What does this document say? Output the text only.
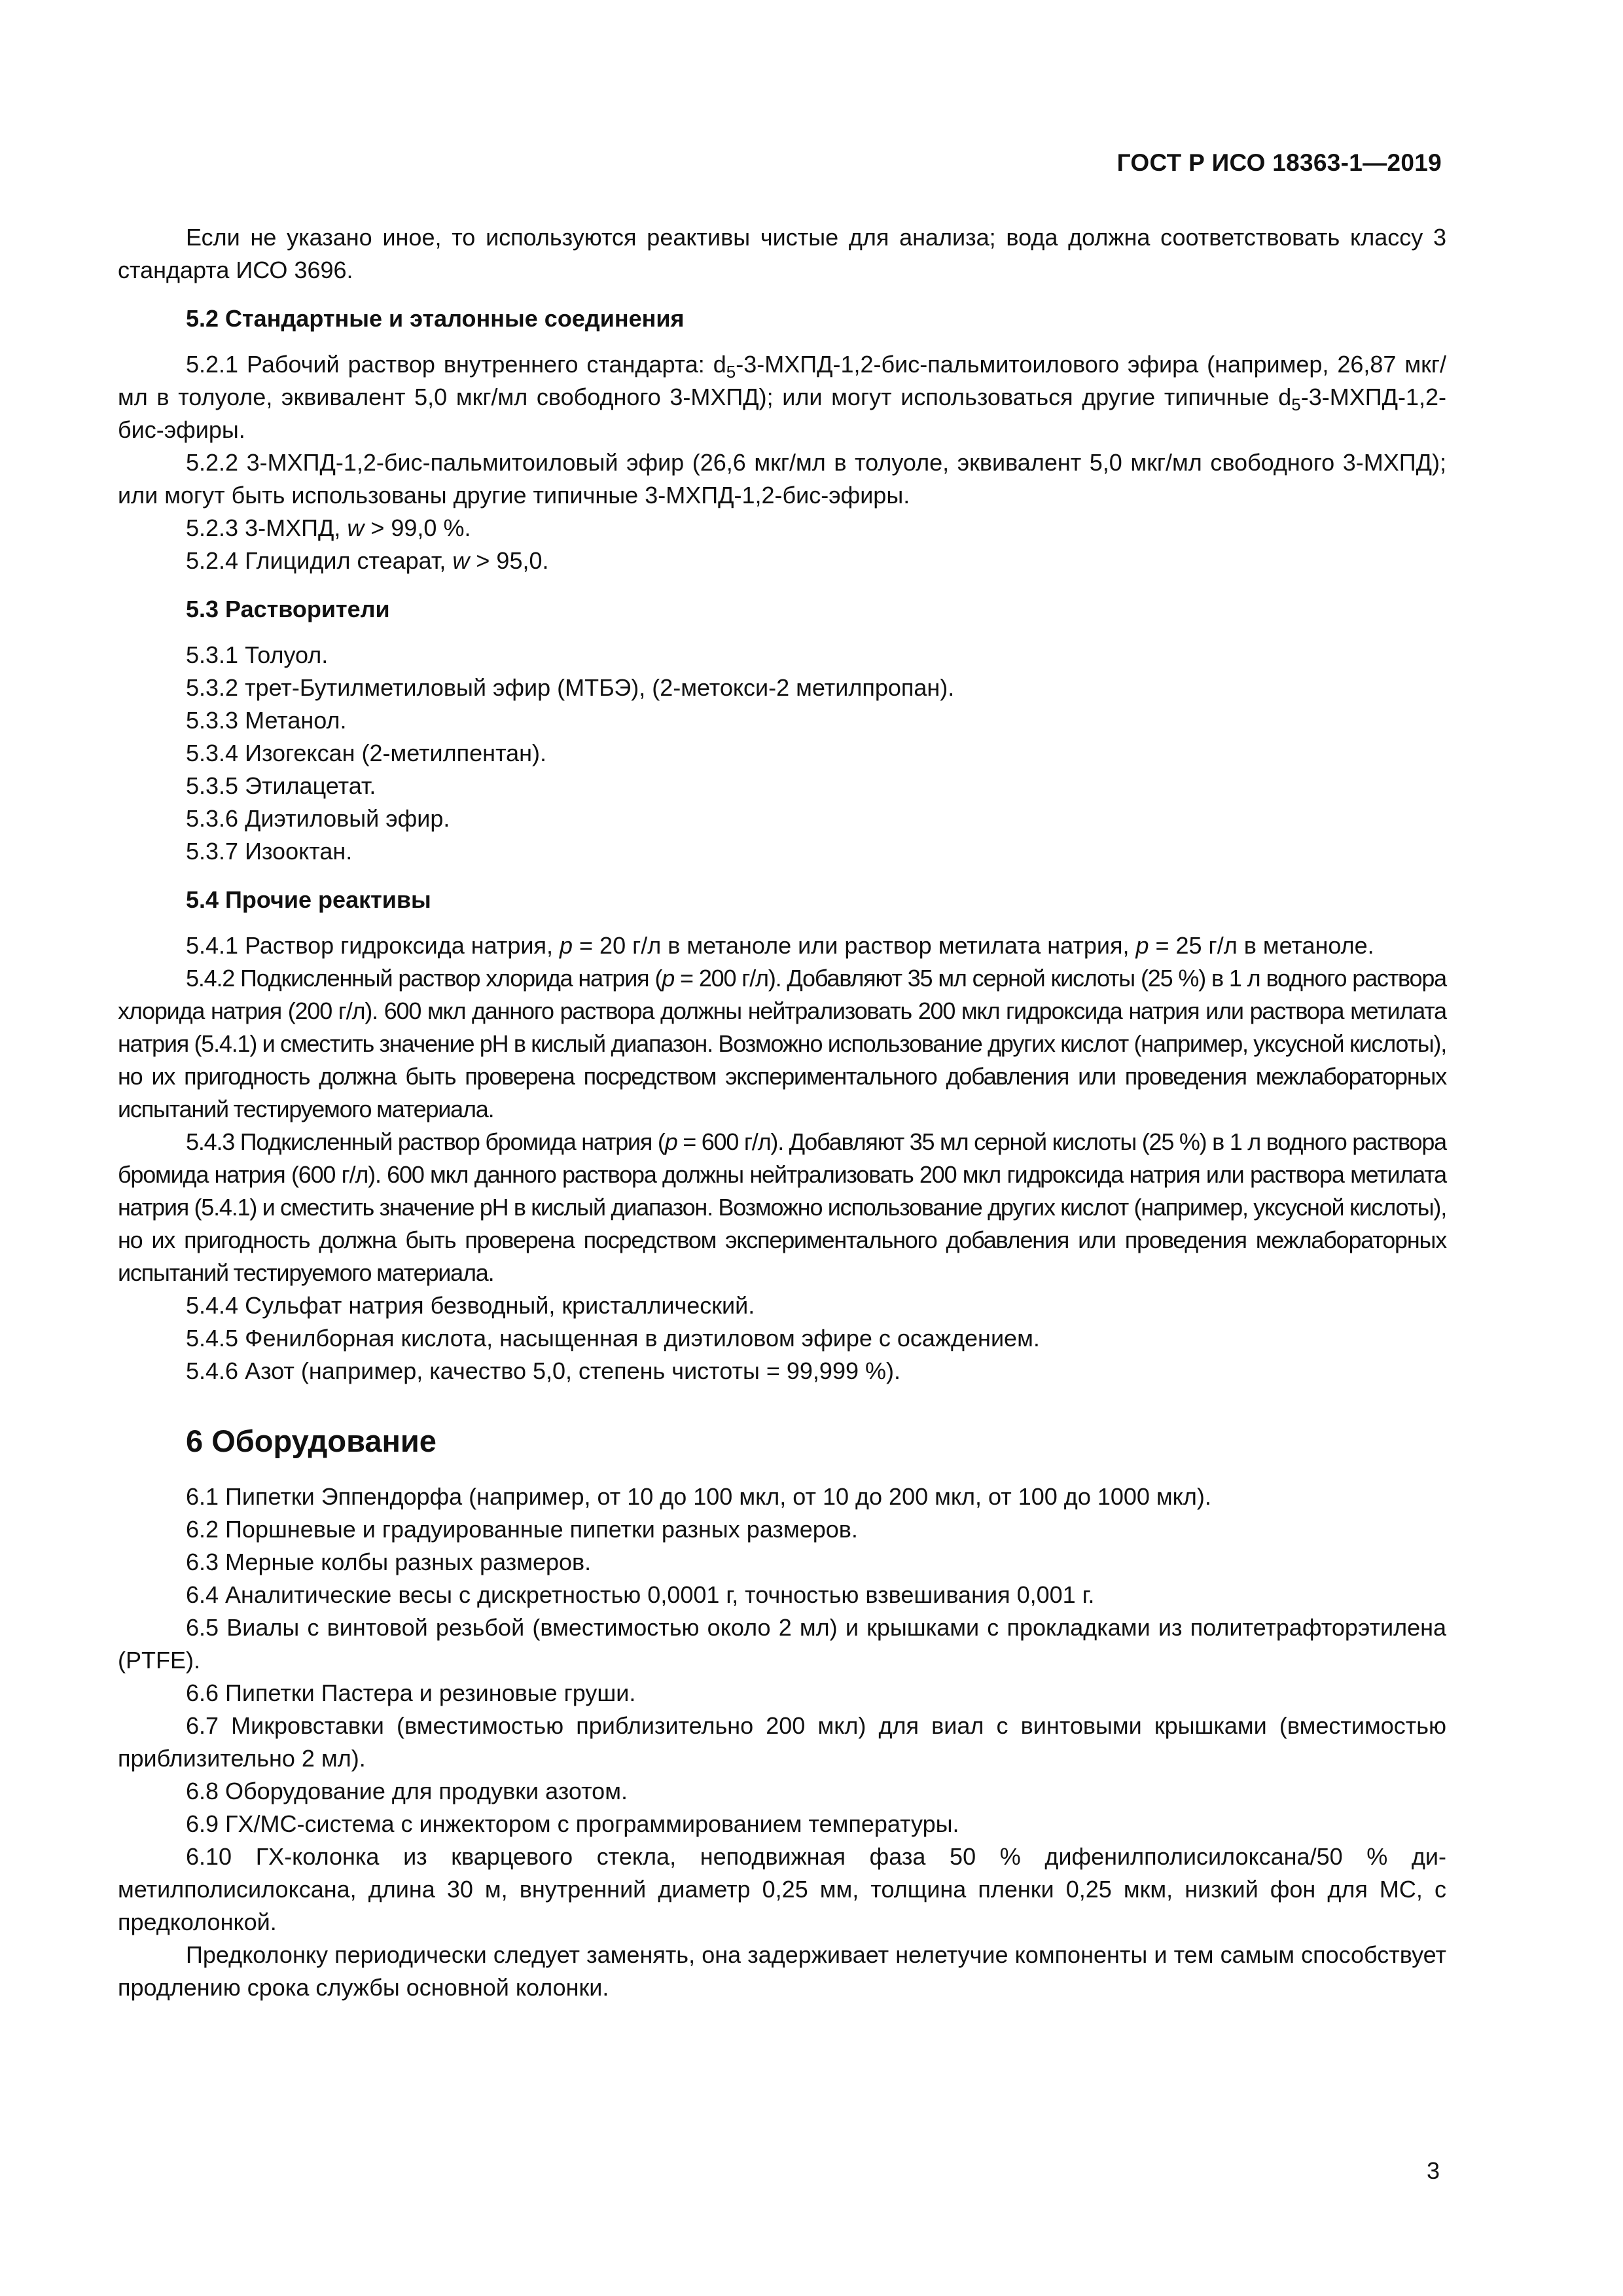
ГОСТ Р ИСО 18363-1—2019

Если не указано иное, то используются реактивы чистые для анализа; вода должна соответствовать классу 3 стандарта ИСО 3696.

5.2 Стандартные и эталонные соединения

5.2.1 Рабочий раствор внутреннего стандарта: $d_5-3-МХПД-1,2-бис$-пальмитоилового эфира (например, 26,87 мкг/мл в толуоле, эквивалент 5,0 мкг/мл свободного 3-МХПД); или могут использоваться другие типичные $d_5-3-МХПД-1,2-бис$-эфиры.

5.2.2 3-МХПД-1,2-бис-пальмитоиловый эфир (26,6 мкг/мл в толуоле, эквивалент 5,0 мкг/мл свободного 3-МХПД); или могут быть использованы другие типичные 3-МХПД-1,2-бис-эфиры.

5.2.3 3-МХПД, w > 99,0 %.

5.2.4 Глицидил стеарат, w > 95,0.

5.3 Растворители

5.3.1 Толуол.

5.3.2 трет-Бутилметиловый эфир (МТБЭ), (2-метокси-2 метилпропан).

5.3.3 Метанол.

5.3.4 Изогексан (2-метилпентан).

5.3.5 Этилацетат.

5.3.6 Диэтиловый эфир.

5.3.7 Изооктан.

5.4 Прочие реактивы

5.4.1 Раствор гидроксида натрия, p = 20 г/л в метаноле или раствор метилата натрия, p = 25 г/л в метаноле.

5.4.2 Подкисленный раствор хлорида натрия (p = 200 г/л). Добавляют 35 мл серной кислоты (25 %) в 1 л водного раствора хлорида натрия (200 г/л). 600 мкл данного раствора должны нейтрализовать 200 мкл гидроксида натрия или раствора метилата натрия (5.4.1) и сместить значение рН в кислый диапазон. Возможно использование других кислот (например, уксусной кислоты), но их пригодность должна быть проверена посредством экспериментального добавления или проведения межлабораторных испытаний тестируемого материала.

5.4.3 Подкисленный раствор бромида натрия (p = 600 г/л). Добавляют 35 мл серной кислоты (25 %) в 1 л водного раствора бромида натрия (600 г/л). 600 мкл данного раствора должны нейтрализовать 200 мкл гидроксида натрия или раствора метилата натрия (5.4.1) и сместить значение рН в кислый диапазон. Возможно использование других кислот (например, уксусной кислоты), но их пригодность должна быть проверена посредством экспериментального добавления или проведения межлабораторных испытаний тестируемого материала.

5.4.4 Сульфат натрия безводный, кристаллический.

5.4.5 Фенилборная кислота, насыщенная в диэтиловом эфире с осаждением.

5.4.6 Азот (например, качество 5,0, степень чистоты = 99,999 %).

6 Оборудование

6.1 Пипетки Эппендорфа (например, от 10 до 100 мкл, от 10 до 200 мкл, от 100 до 1000 мкл).

6.2 Поршневые и градуированные пипетки разных размеров.

6.3 Мерные колбы разных размеров.

6.4 Аналитические весы с дискретностью 0,0001 г, точностью взвешивания 0,001 г.

6.5 Виалы с винтовой резьбой (вместимостью около 2 мл) и крышками с прокладками из политетрафторэтилена (PTFE).

6.6 Пипетки Пастера и резиновые груши.

6.7 Микровставки (вместимостью приблизительно 200 мкл) для виал с винтовыми крышками (вместимостью приблизительно 2 мл).

6.8 Оборудование для продувки азотом.

6.9 ГХ/МС-система с инжектором с программированием температуры.

6.10 ГХ-колонка из кварцевого стекла, неподвижная фаза 50 % дифенилполисилоксана/50 % диметилполисилоксана, длина 30 м, внутренний диаметр 0,25 мм, толщина пленки 0,25 мкм, низкий фон для МС, с предколонкой.

Предколонку периодически следует заменять, она задерживает нелетучие компоненты и тем самым способствует продлению срока службы основной колонки.

3
